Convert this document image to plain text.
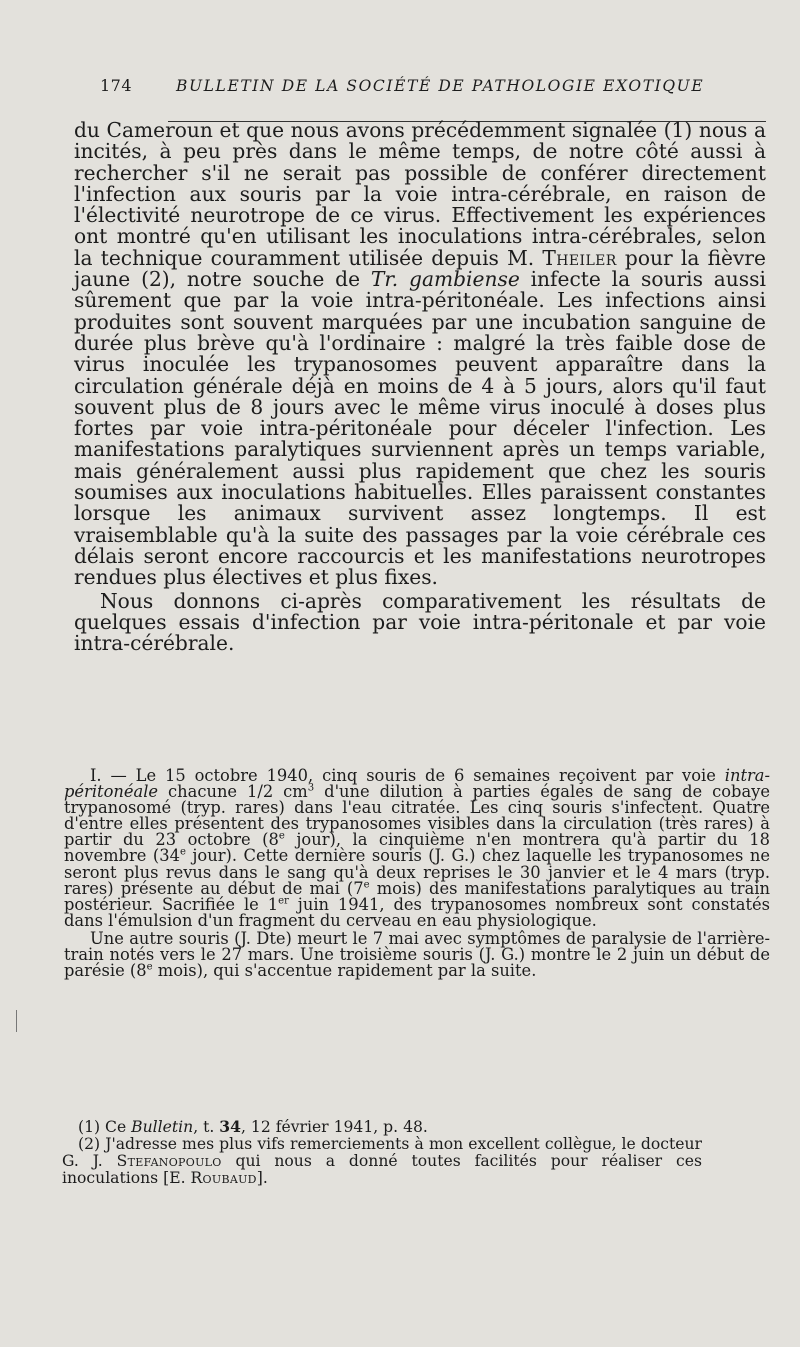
174	BULLETIN DE LA SOCIÉTÉ DE PATHOLOGIE EXOTIQUE

du Cameroun et que nous avons précédemment signalée (1) nous a incités, à peu près dans le même temps, de notre côté aussi à rechercher s'il ne serait pas possible de conférer directement l'infection aux souris par la voie intra-cérébrale, en raison de l'électivité neurotrope de ce virus. Effectivement les expériences ont montré qu'en utilisant les inoculations intra-cérébrales, selon la technique couramment utilisée depuis M. Theiler pour la fièvre jaune (2), notre souche de Tr. gambiense infecte la souris aussi sûrement que par la voie intra-péritonéale. Les infections ainsi produites sont souvent marquées par une incubation sanguine de durée plus brève qu'à l'ordinaire : malgré la très faible dose de virus inoculée les trypanosomes peuvent apparaître dans la circulation générale déjà en moins de 4 à 5 jours, alors qu'il faut souvent plus de 8 jours avec le même virus inoculé à doses plus fortes par voie intra-péritonéale pour déceler l'infection. Les manifestations paralytiques surviennent après un temps variable, mais généralement aussi plus rapidement que chez les souris soumises aux inoculations habituelles. Elles paraissent constantes lorsque les animaux survivent assez longtemps. Il est vraisemblable qu'à la suite des passages par la voie cérébrale ces délais seront encore raccourcis et les manifestations neurotropes rendues plus électives et plus fixes.

Nous donnons ci-après comparativement les résultats de quelques essais d'infection par voie intra-péritonale et par voie intra-cérébrale.

I. — Le 15 octobre 1940, cinq souris de 6 semaines reçoivent par voie intra-péritonéale chacune 1/2 $cm^3$ d'une dilution à parties égales de sang de cobaye trypanosomé (tryp. rares) dans l'eau citratée. Les cinq souris s'infectent. Quatre d'entre elles présentent des trypanosomes visibles dans la circulation (très rares) à partir du 23 octobre (8e jour), la cinquième n'en montrera qu'à partir du 18 novembre (34e jour). Cette dernière souris (J. G.) chez laquelle les trypanosomes ne seront plus revus dans le sang qu'à deux reprises le 30 janvier et le 4 mars (tryp. rares) présente au début de mai (7e mois) des manifestations paralytiques au train postérieur. Sacrifiée le 1er juin 1941, des trypanosomes nombreux sont constatés dans l'émulsion d'un fragment du cerveau en eau physiologique.

Une autre souris (J. Dte) meurt le 7 mai avec symptômes de paralysie de l'arrière-train notés vers le 27 mars. Une troisième souris (J. G.) montre le 2 juin un début de parésie (8e mois), qui s'accentue rapidement par la suite.

(1) Ce Bulletin, t. 34, 12 février 1941, p. 48.

(2) J'adresse mes plus vifs remerciements à mon excellent collègue, le docteur G. J. Stefanopoulo qui nous a donné toutes facilités pour réaliser ces inoculations [E. Roubaud].
